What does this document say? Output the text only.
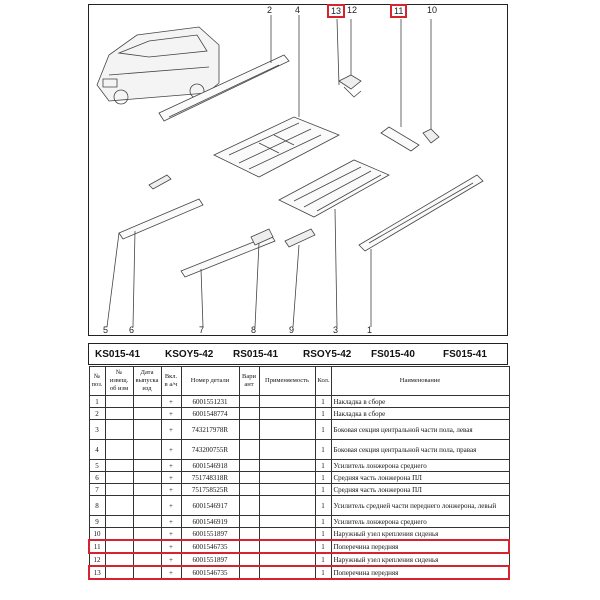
2	4	13 12	11	10
5 6	7	8	9	3	1
KS015-41 KSOY5-42 RS015-41 RSOY5-42 FS015-40	FS015-41
№ поз.	№ извещ. об изм	Дата выпуска изд	Вкл. в а/ч	Номер детали	Вари ант	Применяемость	Кол.	Наименование
1			+	6001551231			1	Накладка в сборе
2			+	6001548774			1	Накладка в сборе
3			+	743217978R			1	Боковая секция центральной части пола, левая
4			+	743200755R			1	Боковая секция центральной части пола, правая
5			+	6001546918			1	Усилитель лонжерона среднего
6			+	751748318R			1	Средняя часть лонжерона ПЛ
7			+	751758525R			1	Средняя часть лонжерона ПЛ
8			+	6001546917			1	Усилитель средней части переднего лонжерона, левый
9			+	6001546919			1	Усилитель лонжерона среднего
10			+	6001551897			1	Наружный узел крепления сиденья
11			+	6001546735			1	Поперечина передняя
12			+	6001551897			1	Наружный узел крепления сиденья
13			+	6001546735			1	Поперечина передняя
